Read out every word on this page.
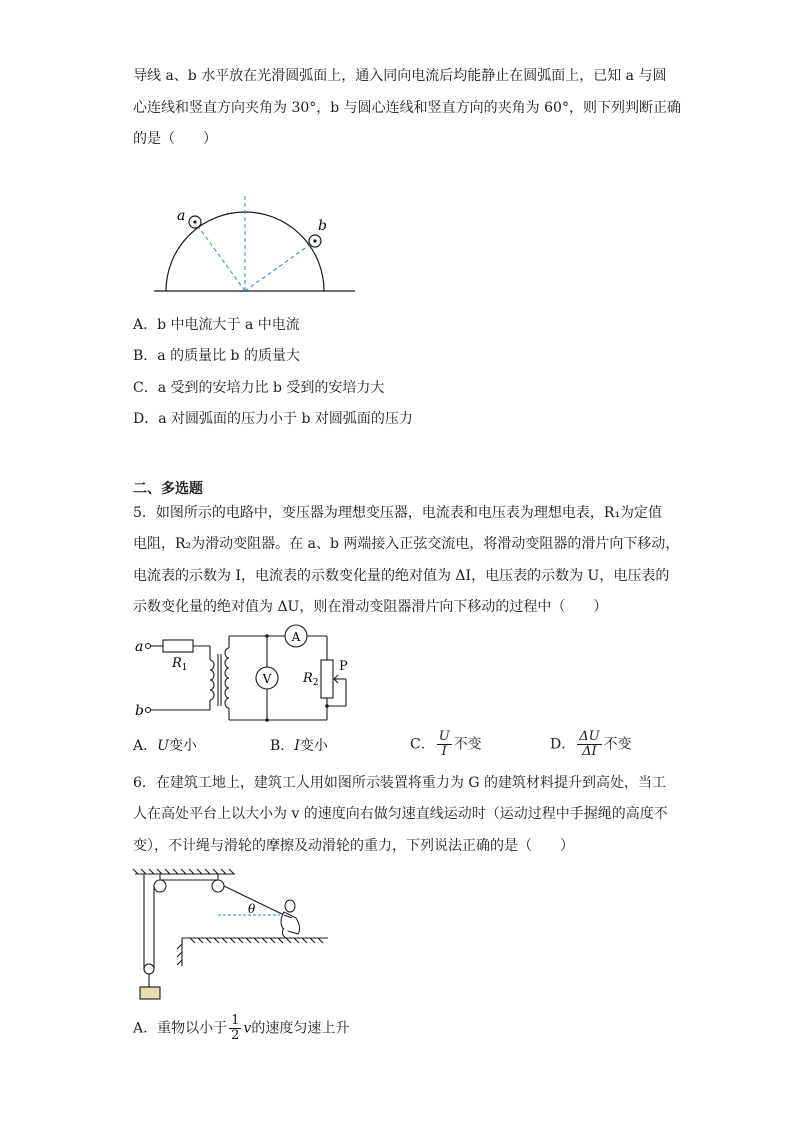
导线 a、b 水平放在光滑圆弧面上，通入同向电流后均能静止在圆弧面上，已知 a 与圆
心连线和竖直方向夹角为 30°，b 与圆心连线和竖直方向的夹角为 60°，则下列判断正确
的是（　　）
a
b
A．b 中电流大于 a 中电流
B．a 的质量比 b 的质量大
C．a 受到的安培力比 b 受到的安培力大
D．a 对圆弧面的压力小于 b 对圆弧面的压力
二、多选题
5．如图所示的电路中，变压器为理想变压器，电流表和电压表为理想电表，R₁为定值
电阻，R₂为滑动变阻器。在 a、b 两端接入正弦交流电，将滑动变阻器的滑片向下移动，
电流表的示数为 I，电流表的示数变化量的绝对值为 ΔI，电压表的示数为 U，电压表的
示数变化量的绝对值为 ΔU，则在滑动变阻器滑片向下移动的过程中（　　）
a
b
$R_1$
$R_2$
A
V
P
A．U变小	B．I变小	C． $\frac{U}{I}$ 不变	D． $\frac{\Delta U}{\Delta I}$ 不变
6．在建筑工地上，建筑工人用如图所示装置将重力为 G 的建筑材料提升到高处，当工
人在高处平台上以大小为 v 的速度向右做匀速直线运动时（运动过程中手握绳的高度不
变），不计绳与滑轮的摩擦及动滑轮的重力，下列说法正确的是（　　）
θ
A．重物以小于 $\frac{1}{2}$ v的速度匀速上升
